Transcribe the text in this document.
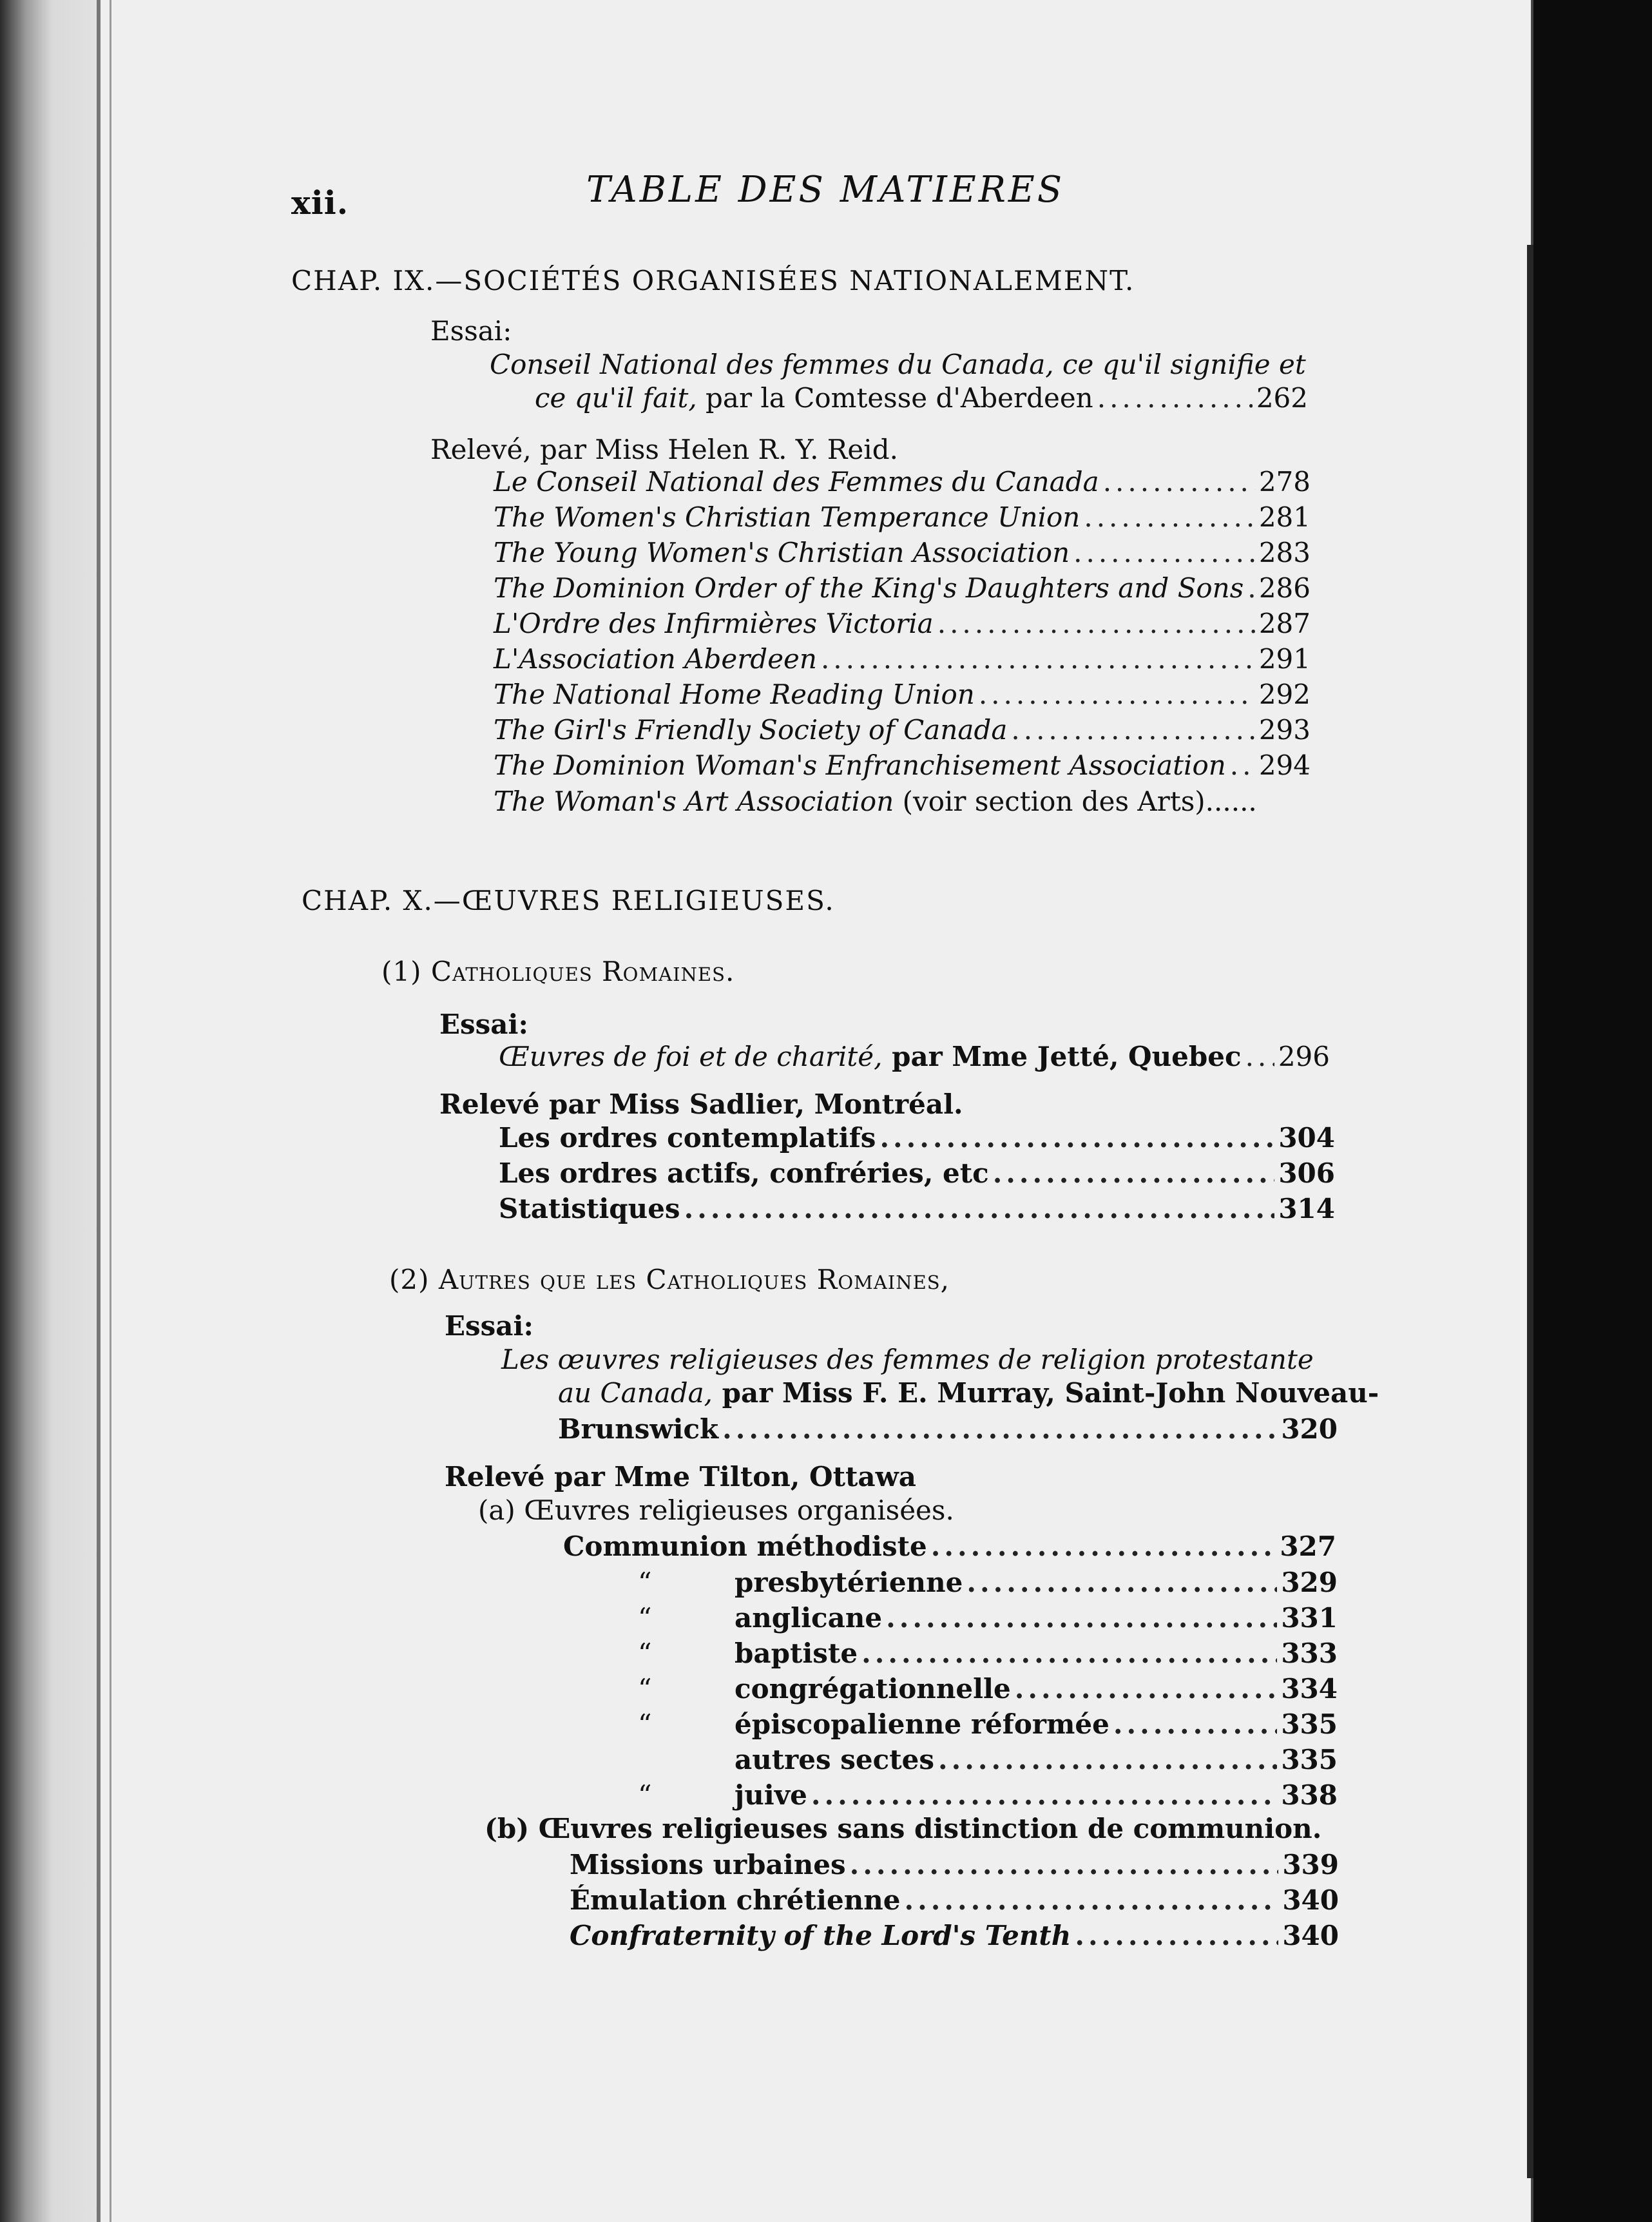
xii.	TABLE DES MATIERES
CHAP. IX.—SOCIÉTÉS ORGANISÉES NATIONALEMENT.
Essai:
Conseil National des femmes du Canada, ce qu'il signifie et
ce qu'il fait, par la Comtesse d'Aberdeen .....	262
Relevé, par Miss Helen R. Y. Reid.
Le Conseil National des Femmes du Canada .....	278
The Women's Christian Temperance Union .....	281
The Young Women's Christian Association .....	283
The Dominion Order of the King's Daughters and Sons ..... 286
L'Ordre des Infirmières Victoria .....	287
L'Association Aberdeen .....	291
The National Home Reading Union .....	292
The Girl's Friendly Society of Canada .....	293
The Dominion Woman's Enfranchisement Association ..... 294
The Woman's Art Association (voir section des Arts)......
CHAP. X.—ŒUVRES RELIGIEUSES.
(1) Catholiques Romaines.
Essai:
Œuvres de foi et de charité, par Mme Jetté, Quebec ..... 296
Relevé par Miss Sadlier, Montréal.
Les ordres contemplatifs .....	304
Les ordres actifs, confréries, etc .....	306
Statistiques .....	314
(2) Autres que les Catholiques Romaines,
Essai:
Les œuvres religieuses des femmes de religion protestante
au Canada, par Miss F. E. Murray, Saint-John Nouveau-
Brunswick .....	320
Relevé par Mme Tilton, Ottawa
(a) Œuvres religieuses organisées.
Communion méthodiste .....	327
“	presbytérienne .....	329
“	anglicane .....	331
“	baptiste .....	333
“	congrégationnelle .....	334
“	épiscopalienne réformée .....	335
autres sectes .....	335
“	juive .....	338
(b) Œuvres religieuses sans distinction de communion.
Missions urbaines .....	339
Émulation chrétienne .....	340
Confraternity of the Lord's Tenth .....	340
